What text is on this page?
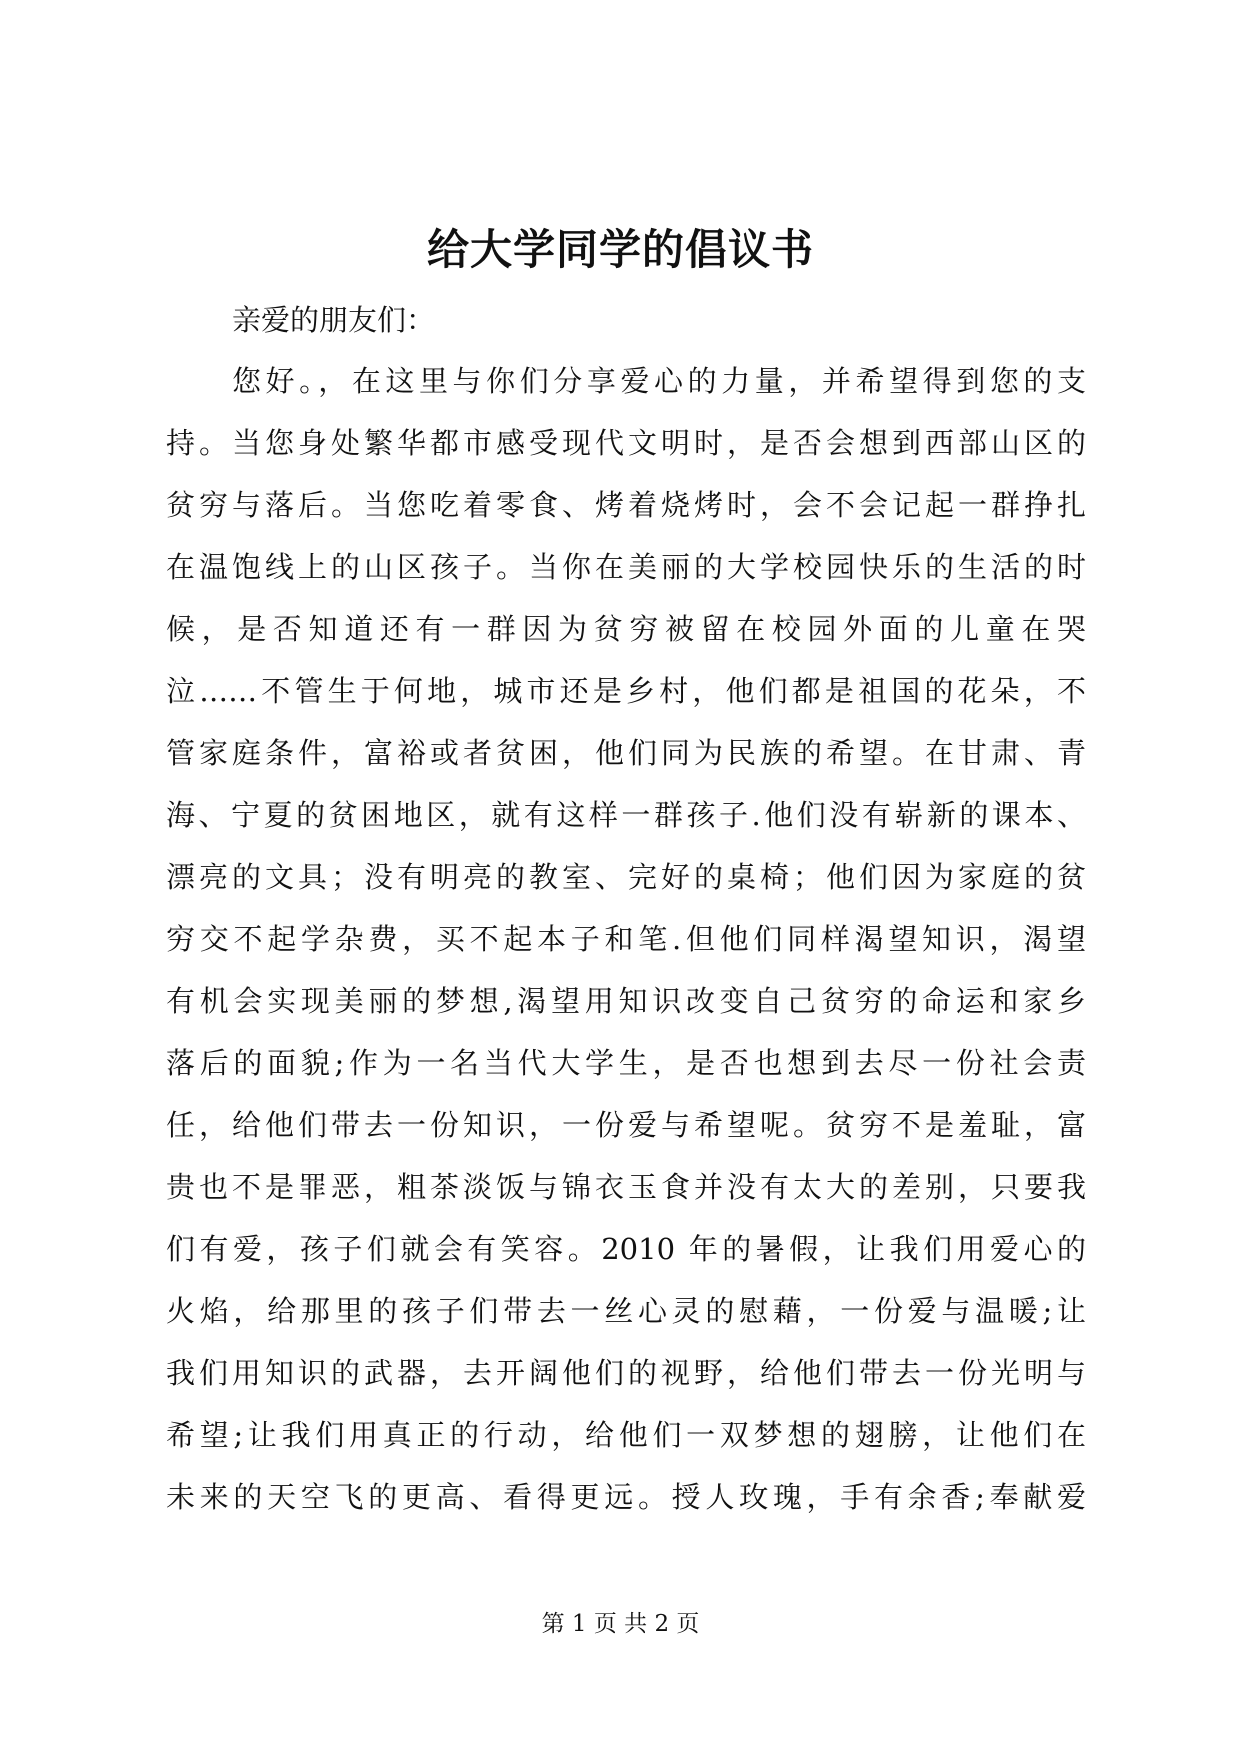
给大学同学的倡议书

亲爱的朋友们：

您好。，在这里与你们分享爱心的力量，并希望得到您的支
持。当您身处繁华都市感受现代文明时，是否会想到西部山区的
贫穷与落后。当您吃着零食、烤着烧烤时，会不会记起一群挣扎
在温饱线上的山区孩子。当你在美丽的大学校园快乐的生活的时
候，是否知道还有一群因为贫穷被留在校园外面的儿童在哭
泣……不管生于何地，城市还是乡村，他们都是祖国的花朵，不
管家庭条件，富裕或者贫困，他们同为民族的希望。在甘肃、青
海、宁夏的贫困地区，就有这样一群孩子.他们没有崭新的课本、
漂亮的文具；没有明亮的教室、完好的桌椅；他们因为家庭的贫
穷交不起学杂费，买不起本子和笔.但他们同样渴望知识，渴望
有机会实现美丽的梦想,渴望用知识改变自己贫穷的命运和家乡
落后的面貌;作为一名当代大学生，是否也想到去尽一份社会责
任，给他们带去一份知识，一份爱与希望呢。贫穷不是羞耻，富
贵也不是罪恶，粗茶淡饭与锦衣玉食并没有太大的差别，只要我
们有爱，孩子们就会有笑容。2010 年的暑假，让我们用爱心的
火焰，给那里的孩子们带去一丝心灵的慰藉，一份爱与温暖;让
我们用知识的武器，去开阔他们的视野，给他们带去一份光明与
希望;让我们用真正的行动，给他们一双梦想的翅膀，让他们在
未来的天空飞的更高、看得更远。授人玫瑰，手有余香;奉献爱

第 1 页 共 2 页
